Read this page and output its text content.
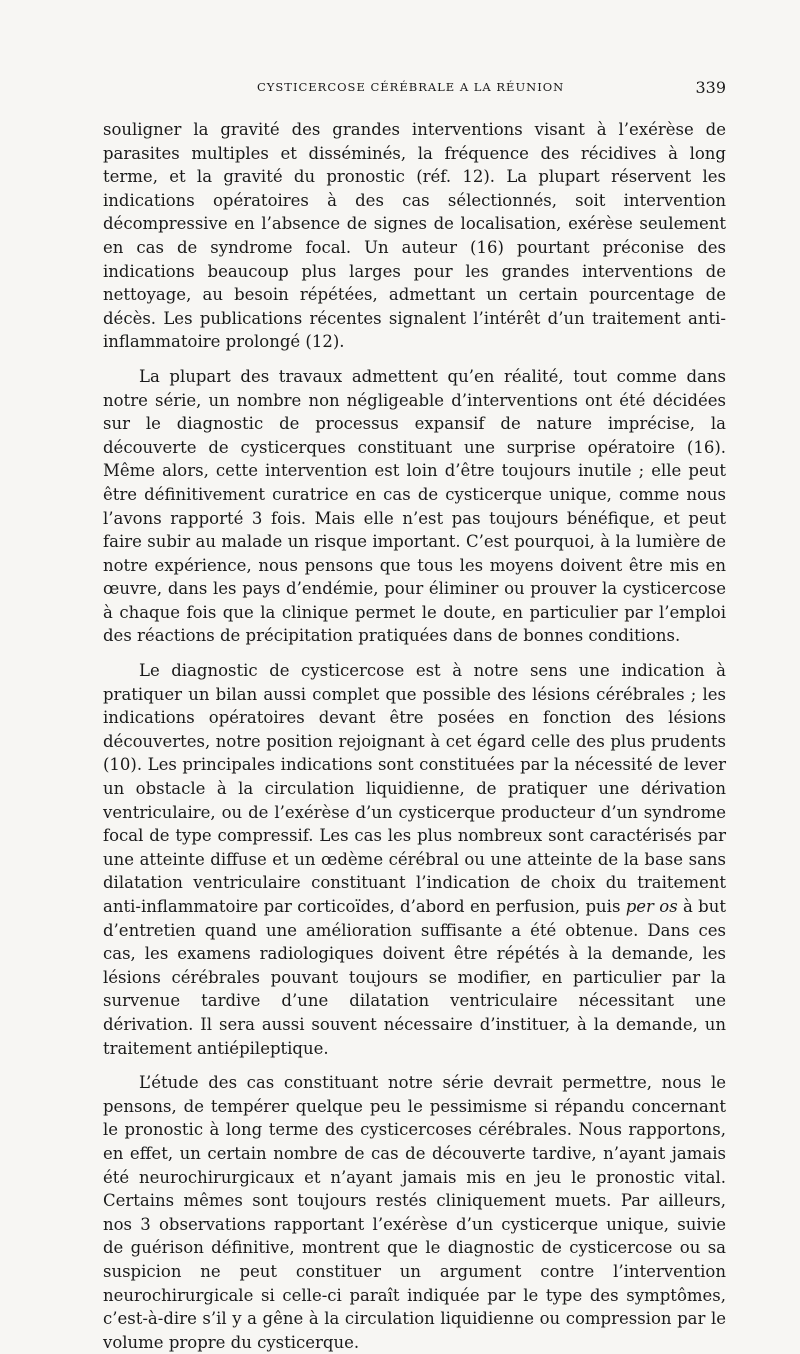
CYSTICERCOSE CÉRÉBRALE A LA RÉUNION	339

souligner la gravité des grandes interventions visant à l’exérèse de parasites multiples et disséminés, la fréquence des récidives à long terme, et la gravité du pronostic (réf. 12). La plupart réservent les indications opératoires à des cas sélectionnés, soit intervention décompressive en l’absence de signes de localisation, exérèse seulement en cas de syndrome focal. Un auteur (16) pourtant préconise des indications beaucoup plus larges pour les grandes interventions de nettoyage, au besoin répétées, admettant un certain pourcentage de décès. Les publications récentes signalent l’intérêt d’un traitement anti-inflammatoire prolongé (12).

La plupart des travaux admettent qu’en réalité, tout comme dans notre série, un nombre non négligeable d’interventions ont été décidées sur le diagnostic de processus expansif de nature imprécise, la découverte de cysticerques constituant une surprise opératoire (16). Même alors, cette intervention est loin d’être toujours inutile ; elle peut être définitivement curatrice en cas de cysticerque unique, comme nous l’avons rapporté 3 fois. Mais elle n’est pas toujours bénéfique, et peut faire subir au malade un risque important. C’est pourquoi, à la lumière de notre expérience, nous pensons que tous les moyens doivent être mis en œuvre, dans les pays d’endémie, pour éliminer ou prouver la cysticercose à chaque fois que la clinique permet le doute, en particulier par l’emploi des réactions de précipitation pratiquées dans de bonnes conditions.

Le diagnostic de cysticercose est à notre sens une indication à pratiquer un bilan aussi complet que possible des lésions cérébrales ; les indications opératoires devant être posées en fonction des lésions découvertes, notre position rejoignant à cet égard celle des plus prudents (10). Les principales indications sont constituées par la nécessité de lever un obstacle à la circulation liquidienne, de pratiquer une dérivation ventriculaire, ou de l’exérèse d’un cysticerque producteur d’un syndrome focal de type compressif. Les cas les plus nombreux sont caractérisés par une atteinte diffuse et un œdème cérébral ou une atteinte de la base sans dilatation ventriculaire constituant l’indication de choix du traitement anti-inflammatoire par corticoïdes, d’abord en perfusion, puis per os à but d’entretien quand une amélioration suffisante a été obtenue. Dans ces cas, les examens radiologiques doivent être répétés à la demande, les lésions cérébrales pouvant toujours se modifier, en particulier par la survenue tardive d’une dilatation ventriculaire nécessitant une dérivation. Il sera aussi souvent nécessaire d’instituer, à la demande, un traitement antiépileptique.

L’étude des cas constituant notre série devrait permettre, nous le pensons, de tempérer quelque peu le pessimisme si répandu concernant le pronostic à long terme des cysticercoses cérébrales. Nous rapportons, en effet, un certain nombre de cas de découverte tardive, n’ayant jamais été neurochirurgicaux et n’ayant jamais mis en jeu le pronostic vital. Certains mêmes sont toujours restés cliniquement muets. Par ailleurs, nos 3 observations rapportant l’exérèse d’un cysticerque unique, suivie de guérison définitive, montrent que le diagnostic de cysticercose ou sa suspicion ne peut constituer un argument contre l’intervention neurochirurgicale si celle-ci paraît indiquée par le type des symptômes, c’est-à-dire s’il y a gêne à la circulation liquidienne ou compression par le volume propre du cysticerque.
